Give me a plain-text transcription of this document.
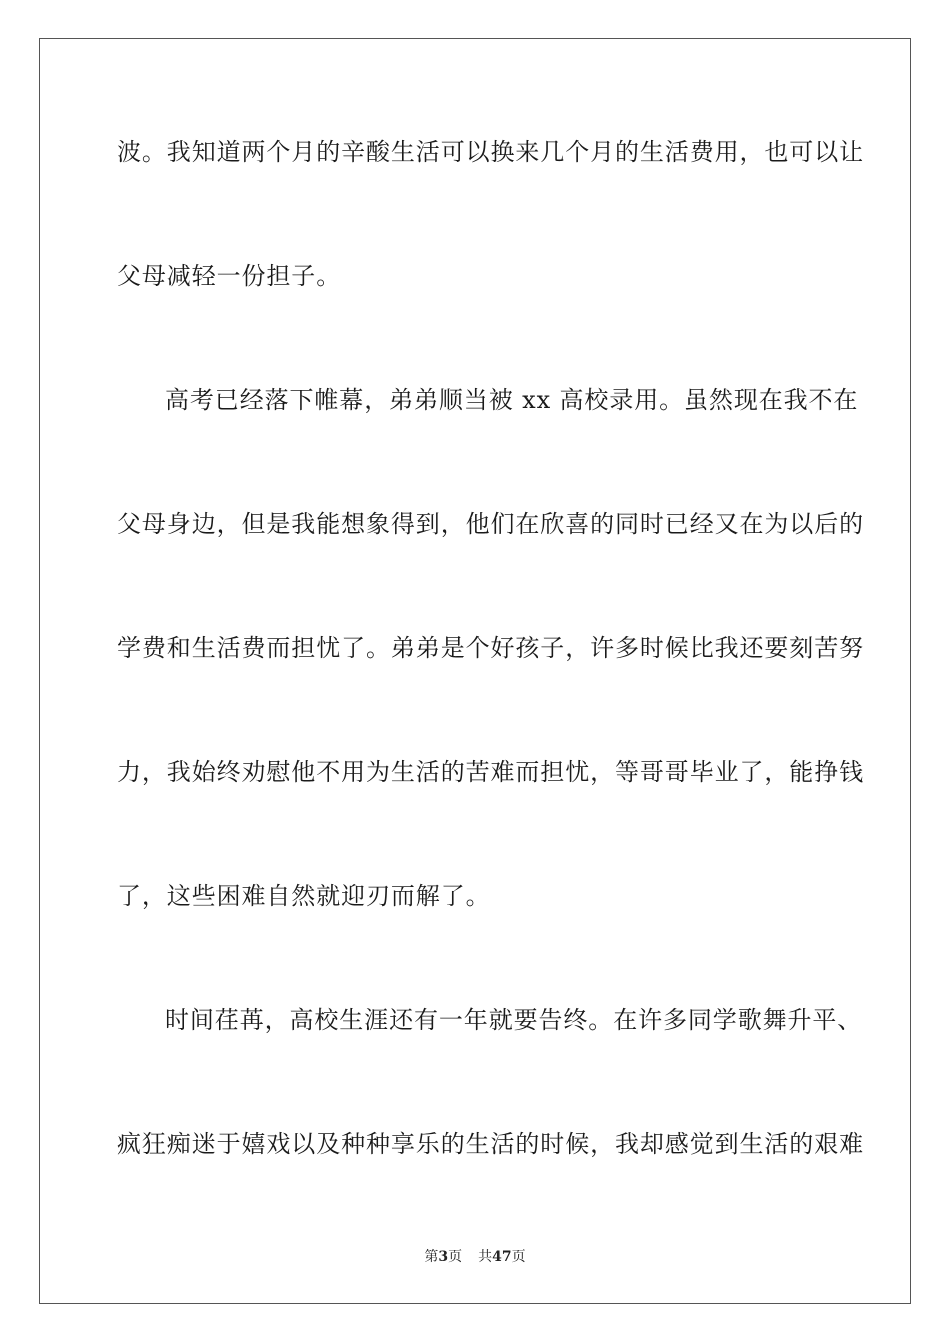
波。我知道两个月的辛酸生活可以换来几个月的生活费用，也可以让
父母减轻一份担子。
高考已经落下帷幕，弟弟顺当被 xx 高校录用。虽然现在我不在
父母身边，但是我能想象得到，他们在欣喜的同时已经又在为以后的
学费和生活费而担忧了。弟弟是个好孩子，许多时候比我还要刻苦努
力，我始终劝慰他不用为生活的苦难而担忧，等哥哥毕业了，能挣钱
了，这些困难自然就迎刃而解了。
时间荏苒，高校生涯还有一年就要告终。在许多同学歌舞升平、
疯狂痴迷于嬉戏以及种种享乐的生活的时候，我却感觉到生活的艰难
第3页 共47页
